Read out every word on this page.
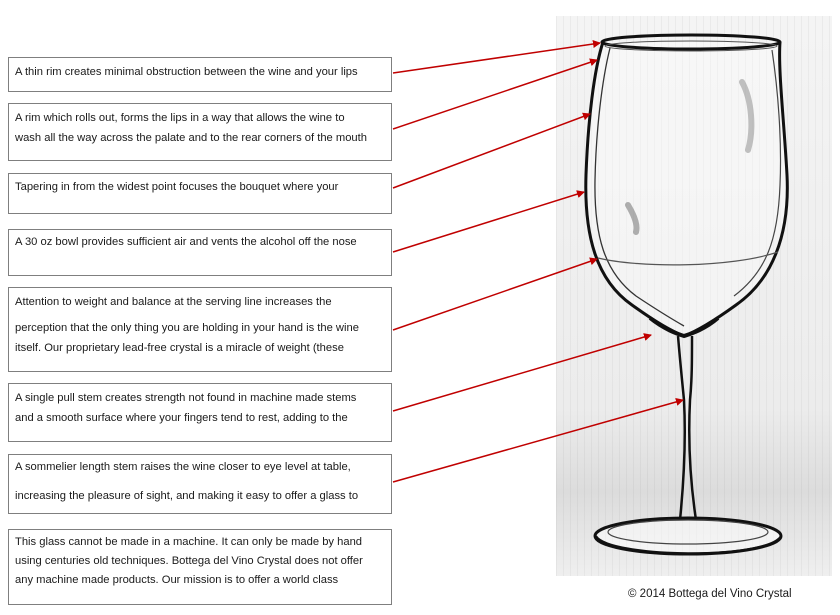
A thin rim creates minimal obstruction between the wine and your lips

A rim which rolls out, forms the lips in a way that allows the wine to

wash all the way across the palate and to the rear corners of the mouth

Tapering in from the widest point focuses the bouquet where your

A 30 oz bowl provides sufficient air and vents the alcohol off the nose

Attention to weight and balance at the serving line increases the

perception that the only thing you are holding in your hand is the wine

itself. Our proprietary lead-free crystal is a miracle of weight (these

A single pull stem creates strength not found in machine made stems

and a smooth surface where your fingers tend to rest, adding to the

A sommelier length stem raises the wine closer to eye level at table,

increasing the pleasure of sight, and making it easy to offer a glass to

This glass cannot be made in a machine. It can only be made by hand

using centuries old techniques. Bottega del Vino Crystal does not offer

any machine made products. Our mission is to offer a world class

© 2014 Bottega del Vino Crystal
